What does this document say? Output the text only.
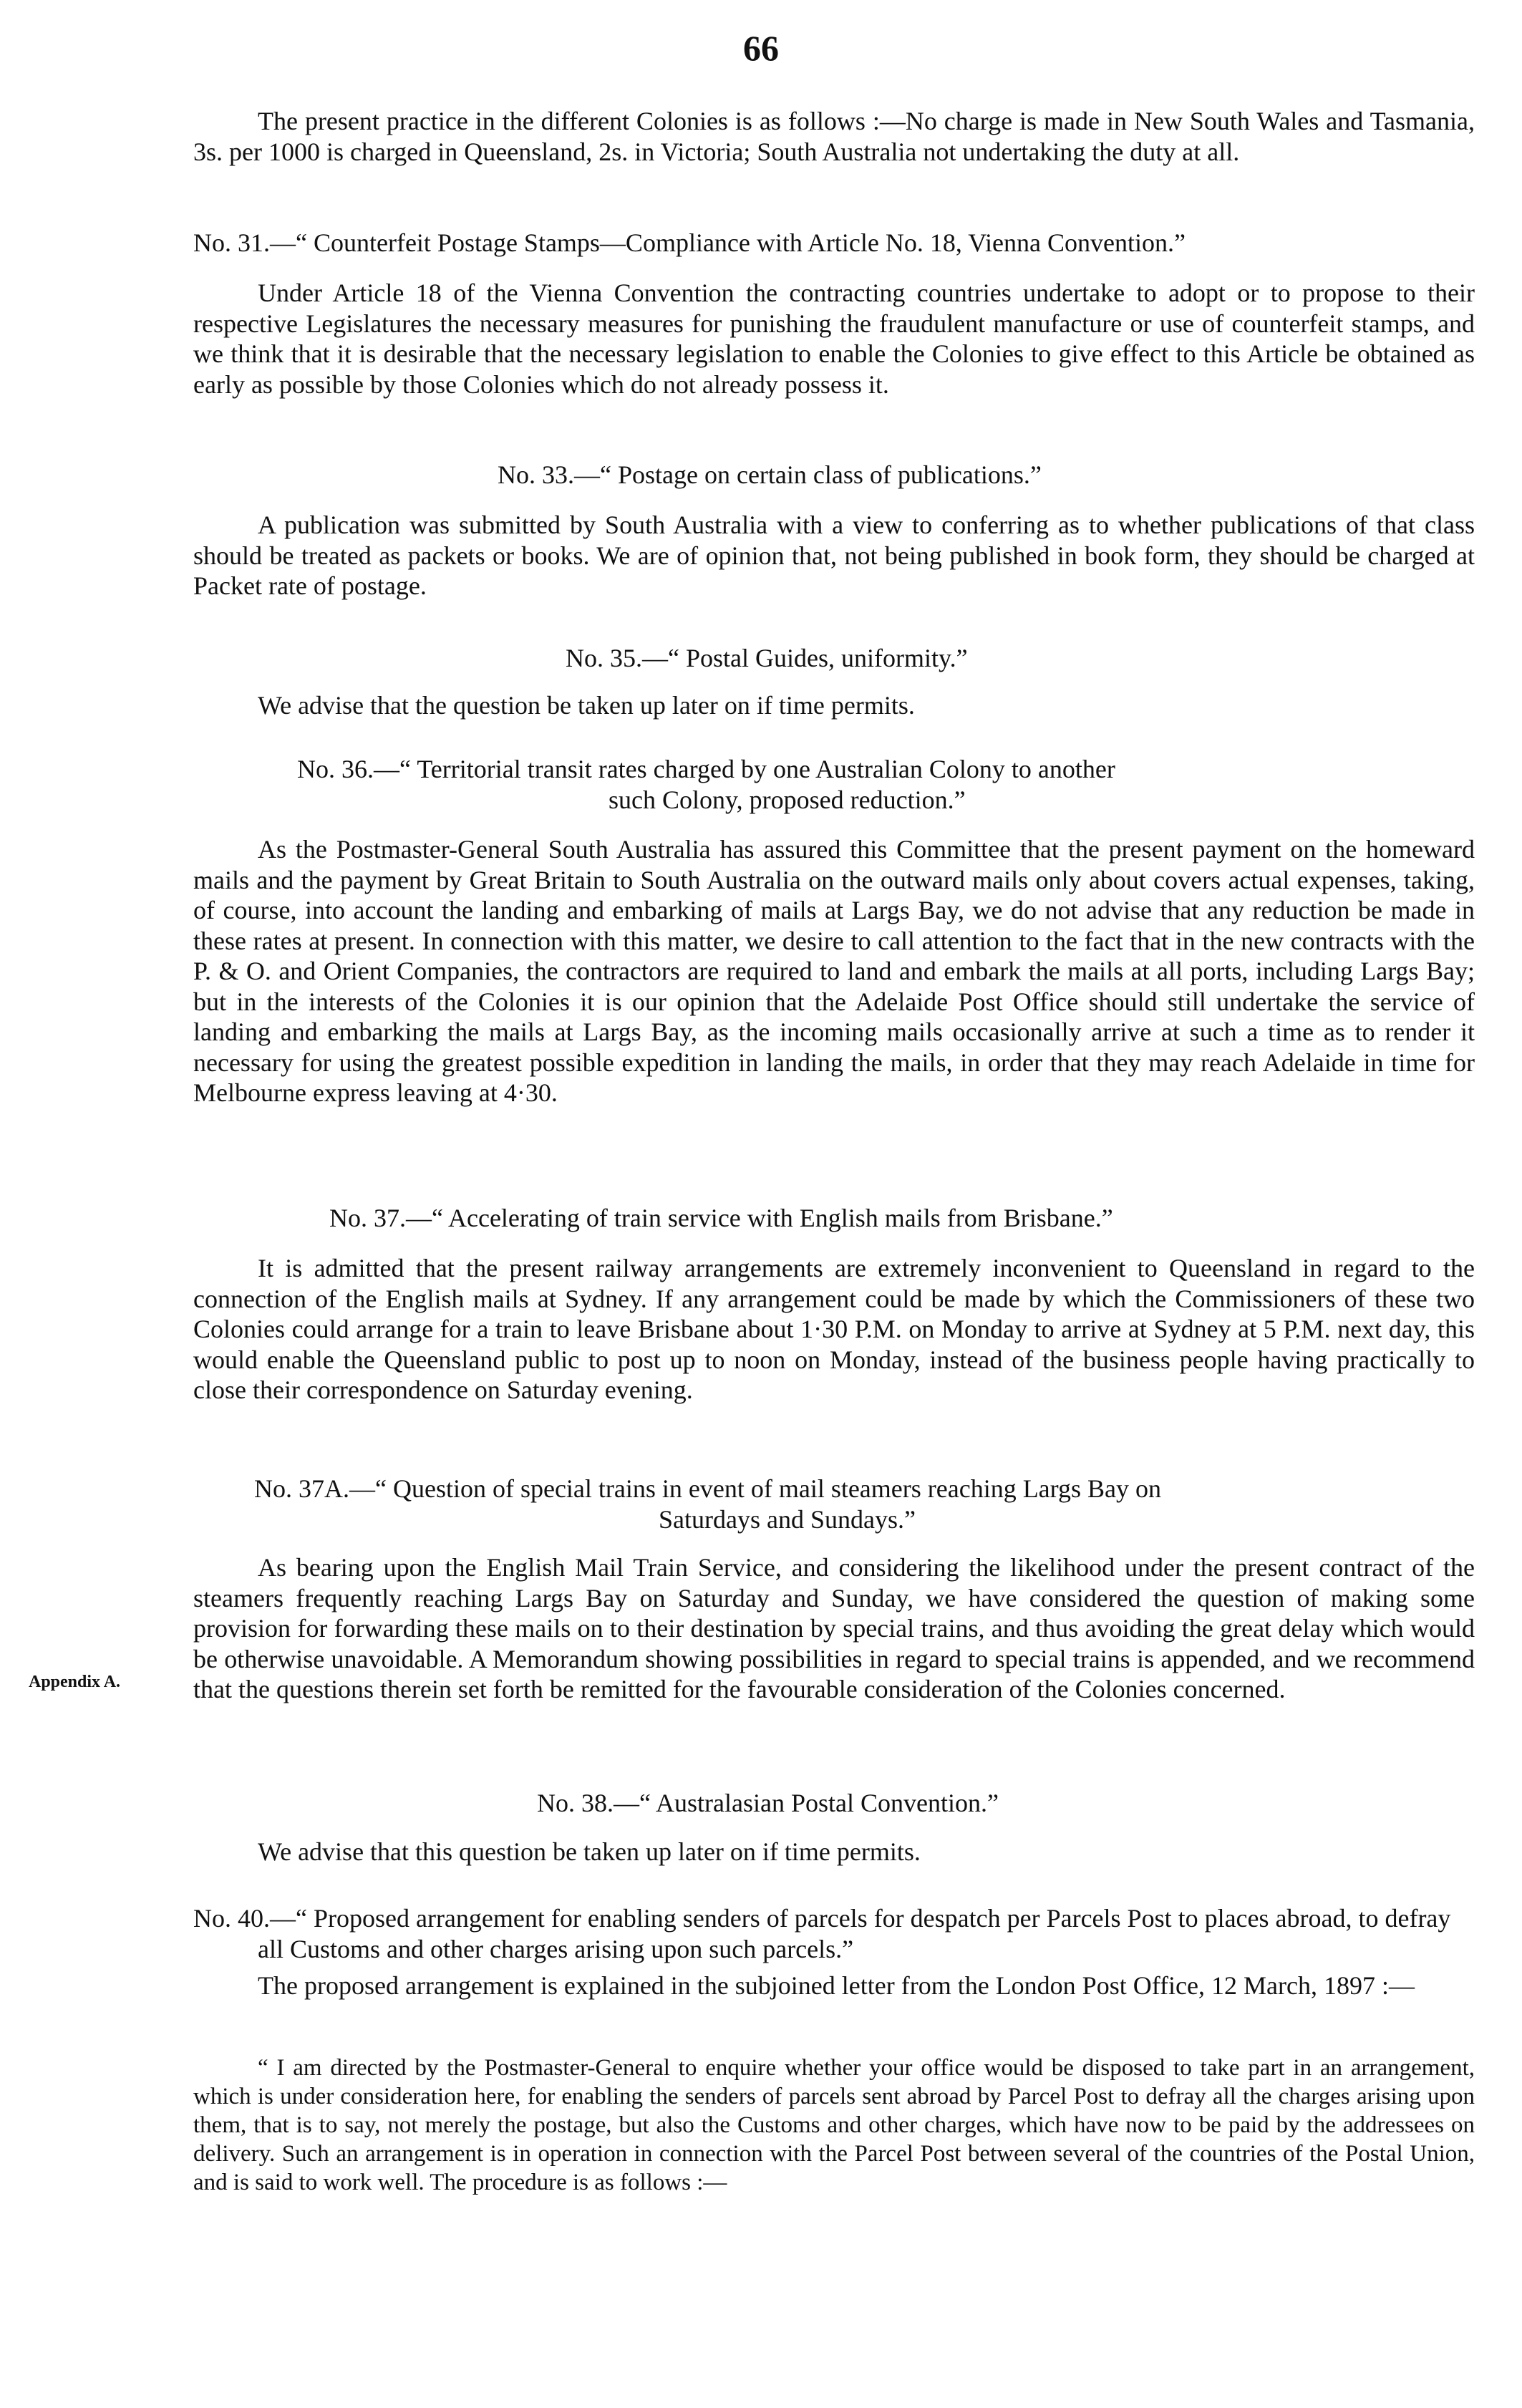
66
Appendix A.

The present practice in the different Colonies is as follows :—No charge is made in New South Wales and Tasmania, 3s. per 1000 is charged in Queensland, 2s. in Victoria; South Australia not undertaking the duty at all.

No. 31.—“ Counterfeit Postage Stamps—Compliance with Article No. 18, Vienna Convention.”

Under Article 18 of the Vienna Convention the contracting countries undertake to adopt or to propose to their respective Legislatures the necessary measures for punishing the fraudulent manufacture or use of counterfeit stamps, and we think that it is desirable that the necessary legislation to enable the Colonies to give effect to this Article be obtained as early as possible by those Colonies which do not already possess it.

No. 33.—“ Postage on certain class of publications.”

A publication was submitted by South Australia with a view to conferring as to whether publications of that class should be treated as packets or books. We are of opinion that, not being published in book form, they should be charged at Packet rate of postage.

No. 35.—“ Postal Guides, uniformity.”

We advise that the question be taken up later on if time permits.

No. 36.—“ Territorial transit rates charged by one Australian Colony to another

such Colony, proposed reduction.”

As the Postmaster-General South Australia has assured this Committee that the present payment on the homeward mails and the payment by Great Britain to South Australia on the outward mails only about covers actual expenses, taking, of course, into account the landing and embarking of mails at Largs Bay, we do not advise that any reduction be made in these rates at present. In connection with this matter, we desire to call attention to the fact that in the new contracts with the P. & O. and Orient Companies, the contractors are required to land and embark the mails at all ports, including Largs Bay; but in the interests of the Colonies it is our opinion that the Adelaide Post Office should still undertake the service of landing and embarking the mails at Largs Bay, as the incoming mails occasionally arrive at such a time as to render it necessary for using the greatest possible expedition in landing the mails, in order that they may reach Adelaide in time for Melbourne express leaving at 4·30.

No. 37.—“ Accelerating of train service with English mails from Brisbane.”

It is admitted that the present railway arrangements are extremely inconvenient to Queensland in regard to the connection of the English mails at Sydney. If any arrangement could be made by which the Commissioners of these two Colonies could arrange for a train to leave Brisbane about 1·30 P.M. on Monday to arrive at Sydney at 5 P.M. next day, this would enable the Queensland public to post up to noon on Monday, instead of the business people having practically to close their correspondence on Saturday evening.

No. 37A.—“ Question of special trains in event of mail steamers reaching Largs Bay on

Saturdays and Sundays.”

As bearing upon the English Mail Train Service, and considering the likelihood under the present contract of the steamers frequently reaching Largs Bay on Saturday and Sunday, we have considered the question of making some provision for forwarding these mails on to their destination by special trains, and thus avoiding the great delay which would be otherwise unavoidable. A Memorandum showing possibilities in regard to special trains is appended, and we recommend that the questions therein set forth be remitted for the favourable consideration of the Colonies concerned.

No. 38.—“ Australasian Postal Convention.”

We advise that this question be taken up later on if time permits.

No. 40.—“ Proposed arrangement for enabling senders of parcels for despatch per Parcels Post to places abroad, to defray all Customs and other charges arising upon such parcels.”

The proposed arrangement is explained in the subjoined letter from the London Post Office, 12 March, 1897 :—

“ I am directed by the Postmaster-General to enquire whether your office would be disposed to take part in an arrangement, which is under consideration here, for enabling the senders of parcels sent abroad by Parcel Post to defray all the charges arising upon them, that is to say, not merely the postage, but also the Customs and other charges, which have now to be paid by the addressees on delivery. Such an arrangement is in operation in connection with the Parcel Post between several of the countries of the Postal Union, and is said to work well. The procedure is as follows :—
